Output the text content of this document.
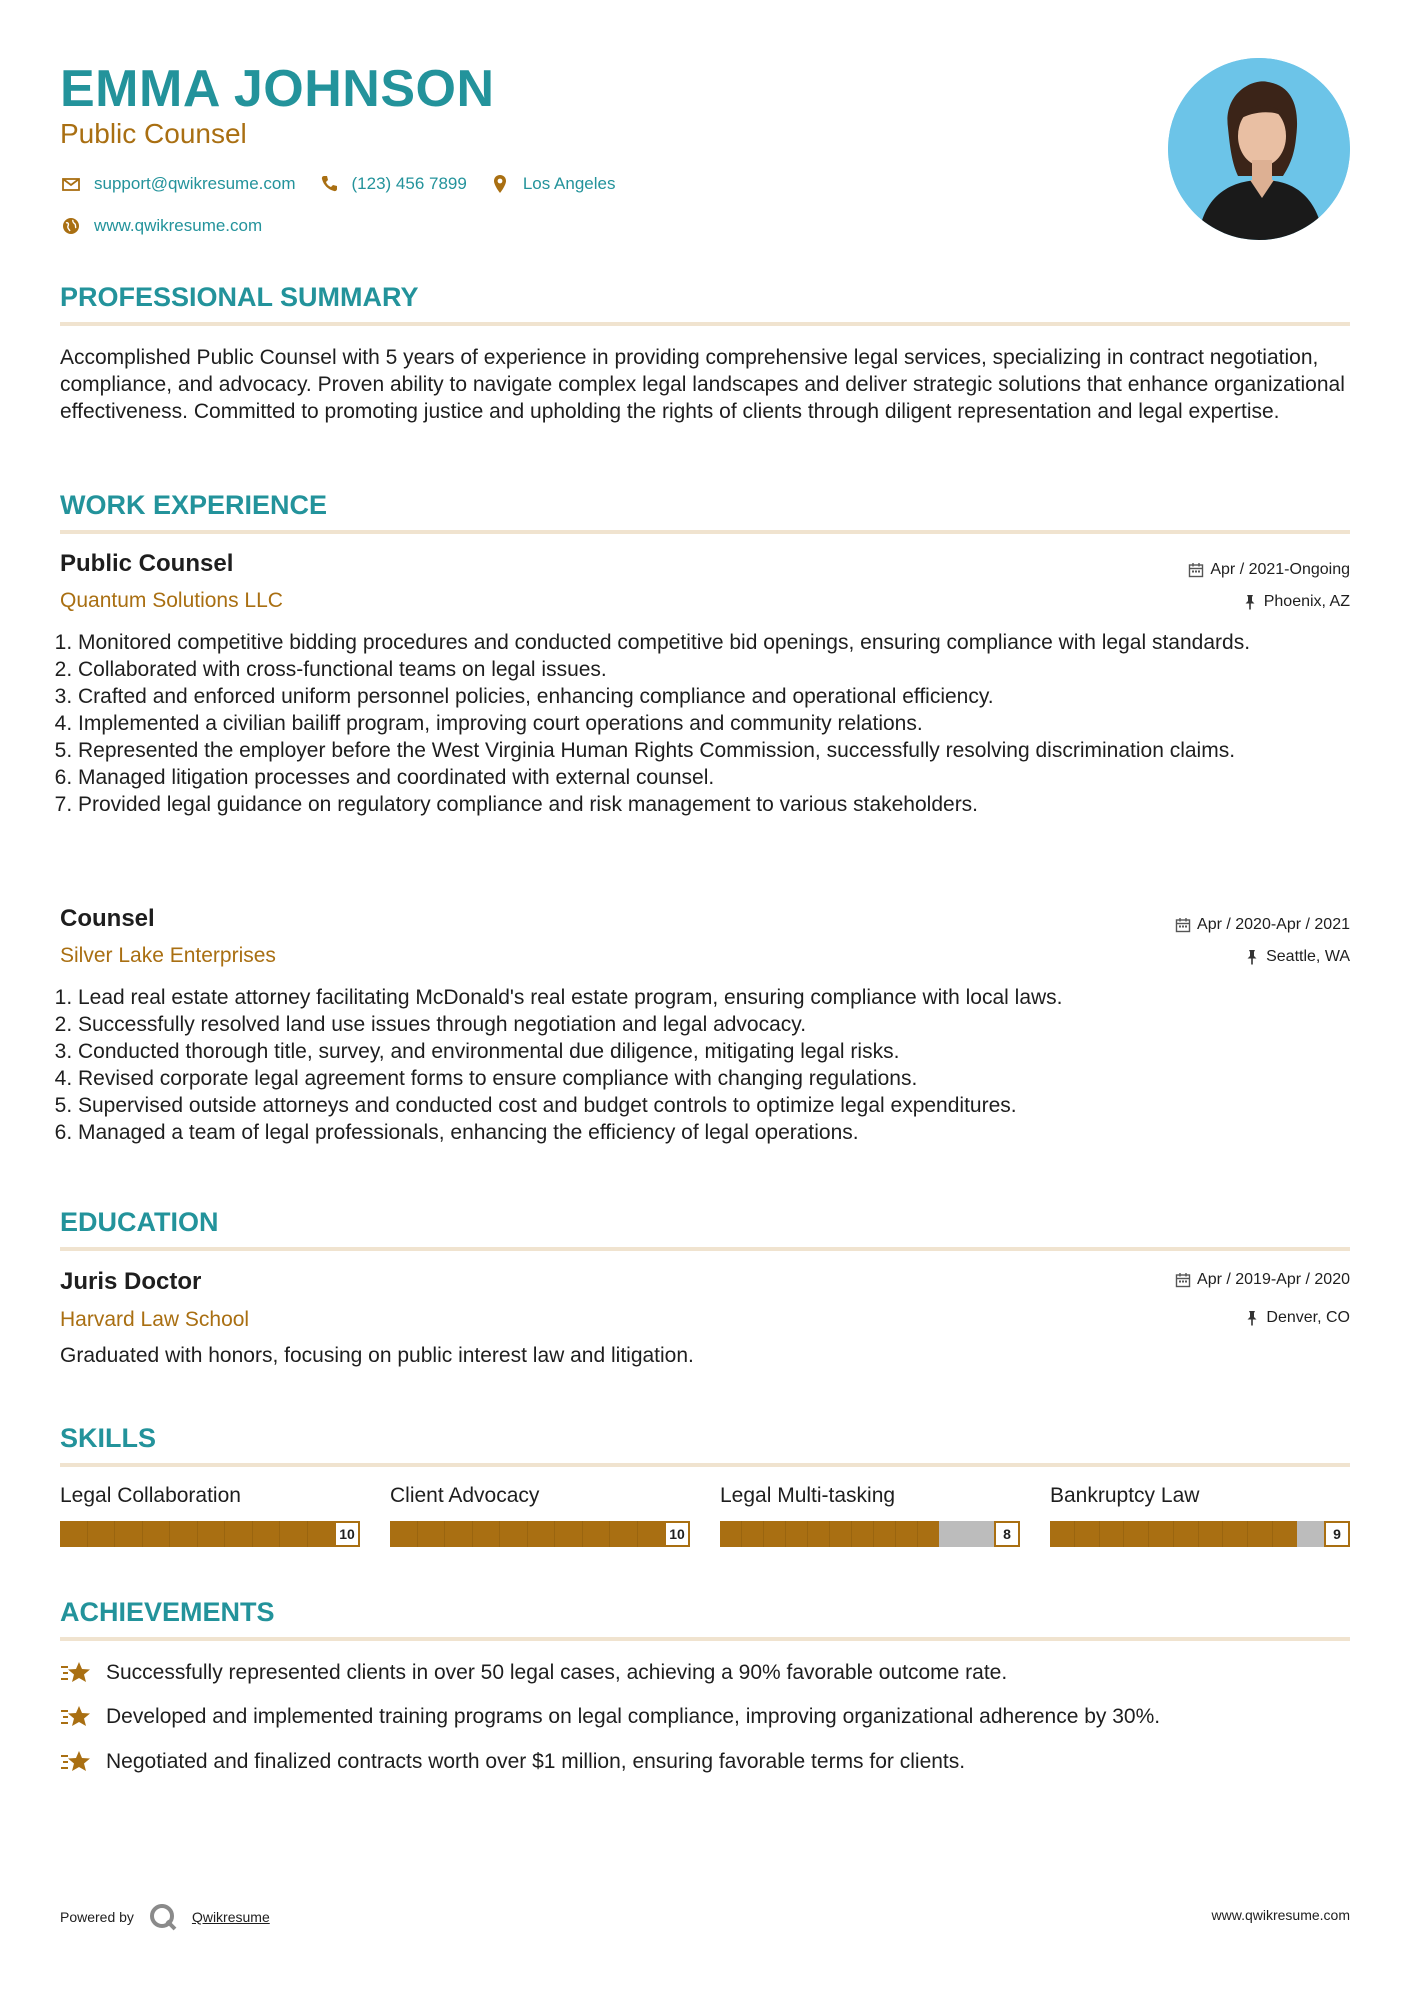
EMMA JOHNSON
Public Counsel
support@qwikresume.com	(123) 456 7899	Los Angeles
www.qwikresume.com
PROFESSIONAL SUMMARY

Accomplished Public Counsel with 5 years of experience in providing comprehensive legal services, specializing in contract negotiation, compliance, and advocacy. Proven ability to navigate complex legal landscapes and deliver strategic solutions that enhance organizational effectiveness. Committed to promoting justice and upholding the rights of clients through diligent representation and legal expertise.

WORK EXPERIENCE
Public Counsel	Apr / 2021-Ongoing
Quantum Solutions LLC	Phoenix, AZ
1. Monitored competitive bidding procedures and conducted competitive bid openings, ensuring compliance with legal standards.
2. Collaborated with cross-functional teams on legal issues.
3. Crafted and enforced uniform personnel policies, enhancing compliance and operational efficiency.
4. Implemented a civilian bailiff program, improving court operations and community relations.
5. Represented the employer before the West Virginia Human Rights Commission, successfully resolving discrimination claims.
6. Managed litigation processes and coordinated with external counsel.
7. Provided legal guidance on regulatory compliance and risk management to various stakeholders.
Counsel	Apr / 2020-Apr / 2021
Silver Lake Enterprises	Seattle, WA
1. Lead real estate attorney facilitating McDonald's real estate program, ensuring compliance with local laws.
2. Successfully resolved land use issues through negotiation and legal advocacy.
3. Conducted thorough title, survey, and environmental due diligence, mitigating legal risks.
4. Revised corporate legal agreement forms to ensure compliance with changing regulations.
5. Supervised outside attorneys and conducted cost and budget controls to optimize legal expenditures.
6. Managed a team of legal professionals, enhancing the efficiency of legal operations.
EDUCATION
Juris Doctor	Apr / 2019-Apr / 2020
Harvard Law School	Denver, CO

Graduated with honors, focusing on public interest law and litigation.

SKILLS
Legal Collaboration
10
Client Advocacy
10
Legal Multi-tasking
8
Bankruptcy Law
9
ACHIEVEMENTS
Successfully represented clients in over 50 legal cases, achieving a 90% favorable outcome rate.
Developed and implemented training programs on legal compliance, improving organizational adherence by 30%.
Negotiated and finalized contracts worth over $1 million, ensuring favorable terms for clients.
Powered by	Qwikresume	www.qwikresume.com
